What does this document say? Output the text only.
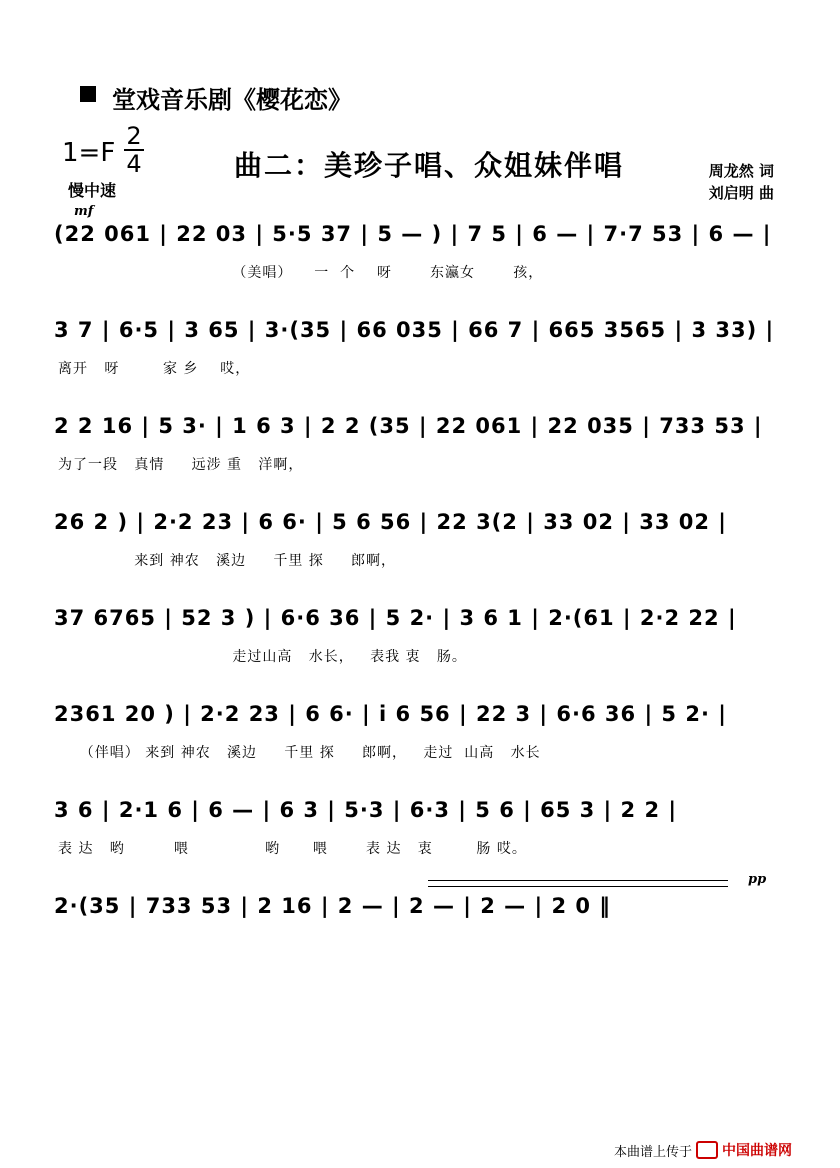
堂戏音乐剧《樱花恋》
1=F
2
4	曲二：美珍子唱、众姐妹伴唱	周龙然 词
刘启明 曲
慢中速
mf
(22 061 | 22 03 | 5·5 37 | 5 — ) | 7 5 | 6 — | 7·7 53 | 6 — |
（美唱）    一  个    呀       东瀛女       孩，
3 7 | 6·5 | 3 65 | 3·(35 | 66 035 | 66 7 | 665 3565 | 3 33) |
离开   呀        家 乡    哎，
2 2 16 | 5 3· | 1 6 3 | 2 2 (35 | 22 061 | 22 035 | 733 53 |
为了一段   真情     远涉 重   洋啊，
26 2 ) | 2·2 23 | 6 6· | 5 6 56 | 22 3(2 | 33 02 | 33 02 |
来到 神农   溪边     千里 探     郎啊，
37 6765 | 52 3 ) | 6·6 36 | 5 2· | 3 6 1 | 2·(61 | 2·2 22 |
走过山高   水长，   表我 衷   肠。
2361 20 ) | 2·2 23 | 6 6· | i 6 56 | 22 3 | 6·6 36 | 5 2· |
（伴唱） 来到 神农   溪边     千里 探     郎啊，   走过  山高   水长
3 6 | 2·1 6 | 6 — | 6 3 | 5·3 | 6·3 | 5 6 | 65 3 | 2 2 |
表 达   哟         喂              哟      喂       表 达   衷        肠 哎。
pp
2·(35 | 733 53 | 2 16 | 2 — | 2 — | 2 — | 2 0 ‖
本曲谱上传于 中国曲谱网
